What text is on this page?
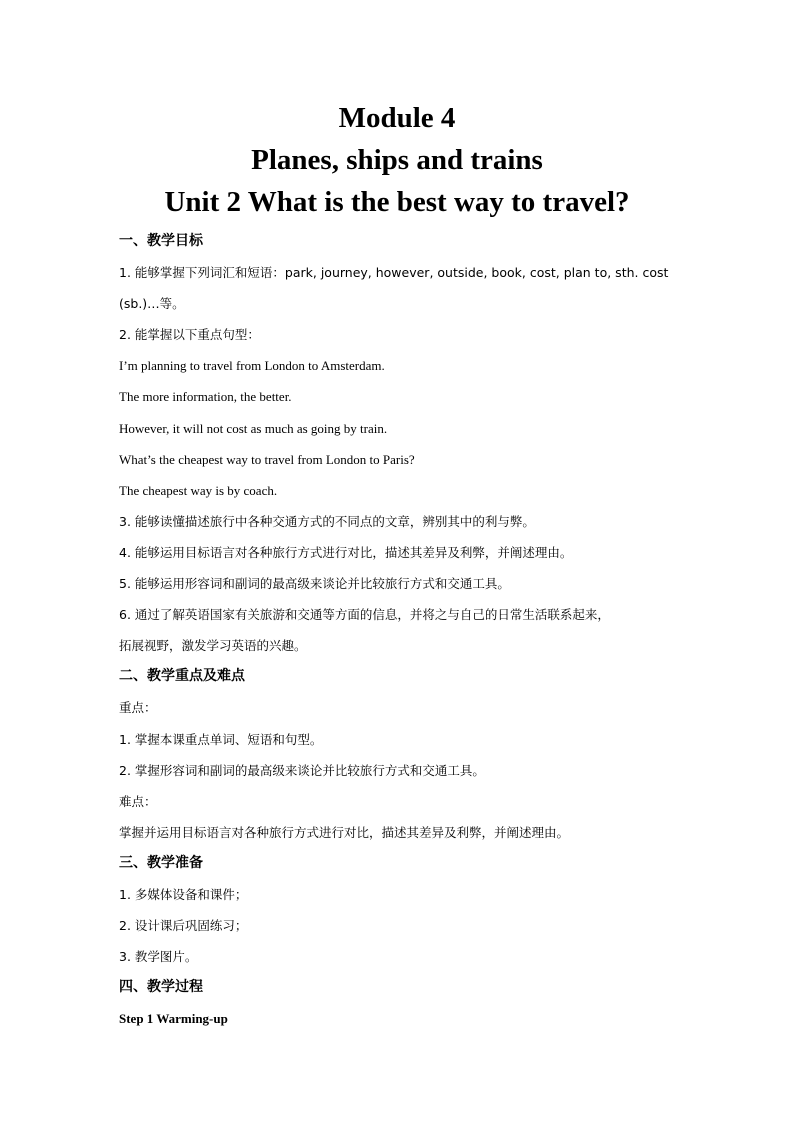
Module 4
Planes, ships and trains
Unit 2 What is the best way to travel?
一、教学目标
1. 能够掌握下列词汇和短语：park, journey, however, outside, book, cost, plan to, sth. cost
(sb.)…等。
2. 能掌握以下重点句型：
I’m planning to travel from London to Amsterdam.
The more information, the better.
However, it will not cost as much as going by train.
What’s the cheapest way to travel from London to Paris?
The cheapest way is by coach.
3. 能够读懂描述旅行中各种交通方式的不同点的文章，辨别其中的利与弊。
4. 能够运用目标语言对各种旅行方式进行对比，描述其差异及利弊，并阐述理由。
5. 能够运用形容词和副词的最高级来谈论并比较旅行方式和交通工具。
6. 通过了解英语国家有关旅游和交通等方面的信息，并将之与自己的日常生活联系起来，
拓展视野，激发学习英语的兴趣。
二、教学重点及难点
重点：
1. 掌握本课重点单词、短语和句型。
2. 掌握形容词和副词的最高级来谈论并比较旅行方式和交通工具。
难点：
掌握并运用目标语言对各种旅行方式进行对比，描述其差异及利弊，并阐述理由。
三、教学准备
1. 多媒体设备和课件；
2. 设计课后巩固练习；
3. 教学图片。
四、教学过程
Step 1 Warming-up
